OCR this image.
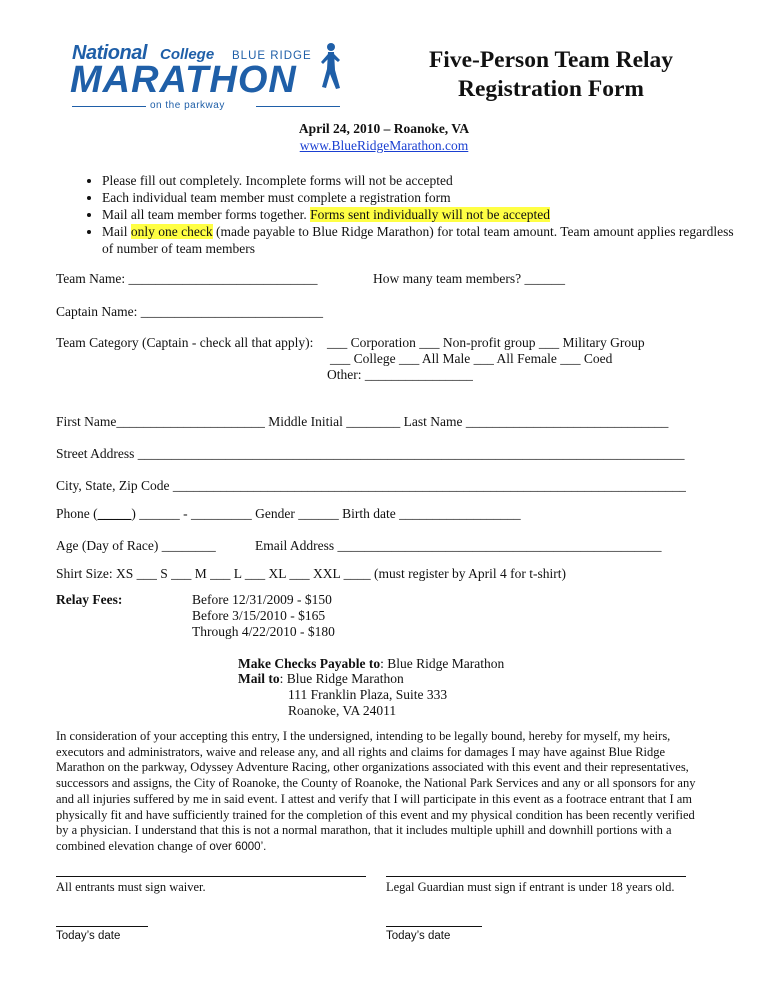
National College BLUE RIDGE
MARATHON
on the parkway
Five-Person Team Relay
Registration Form
April 24, 2010 – Roanoke, VA
www.BlueRidgeMarathon.com
• Please fill out completely. Incomplete forms will not be accepted
• Each individual team member must complete a registration form
• Mail all team member forms together. Forms sent individually will not be accepted
• Mail only one check (made payable to Blue Ridge Marathon) for total team amount. Team amount applies regardless of number of team members
Team Name: ____________________________	How many team members? ______
Captain Name: ___________________________
Team Category (Captain - check all that apply): ___ Corporation ___ Non-profit group ___ Military Group
___ College ___ All Male ___ All Female ___ Coed
Other: ________________
First Name______________________ Middle Initial ________ Last Name ______________________________
Street Address _________________________________________________________________________________
City, State, Zip Code ____________________________________________________________________________
Phone (_____) ______ - _________ Gender ______ Birth date __________________
Age (Day of Race) ________	Email Address ________________________________________________
Shirt Size: XS ___ S ___ M ___ L ___ XL ___ XXL ____ (must register by April 4 for t-shirt)
Relay Fees:	Before 12/31/2009 - $150
Before 3/15/2010 - $165
Through 4/22/2010 - $180
Make Checks Payable to: Blue Ridge Marathon
Mail to: Blue Ridge Marathon
111 Franklin Plaza, Suite 333
Roanoke, VA 24011
In consideration of your accepting this entry, I the undersigned, intending to be legally bound, hereby for myself, my heirs, executors and administrators, waive and release any, and all rights and claims for damages I may have against Blue Ridge Marathon on the parkway, Odyssey Adventure Racing, other organizations associated with this event and their representatives, successors and assigns, the City of Roanoke, the County of Roanoke, the National Park Services and any or all sponsors for any and all injuries suffered by me in said event. I attest and verify that I will participate in this event as a footrace entrant that I am physically fit and have sufficiently trained for the completion of this event and my physical condition has been recently verified by a physician. I understand that this is not a normal marathon, that it includes multiple uphill and downhill portions with a combined elevation change of over 6000’.
All entrants must sign waiver.	Legal Guardian must sign if entrant is under 18 years old.
Today’s date	Today’s date
